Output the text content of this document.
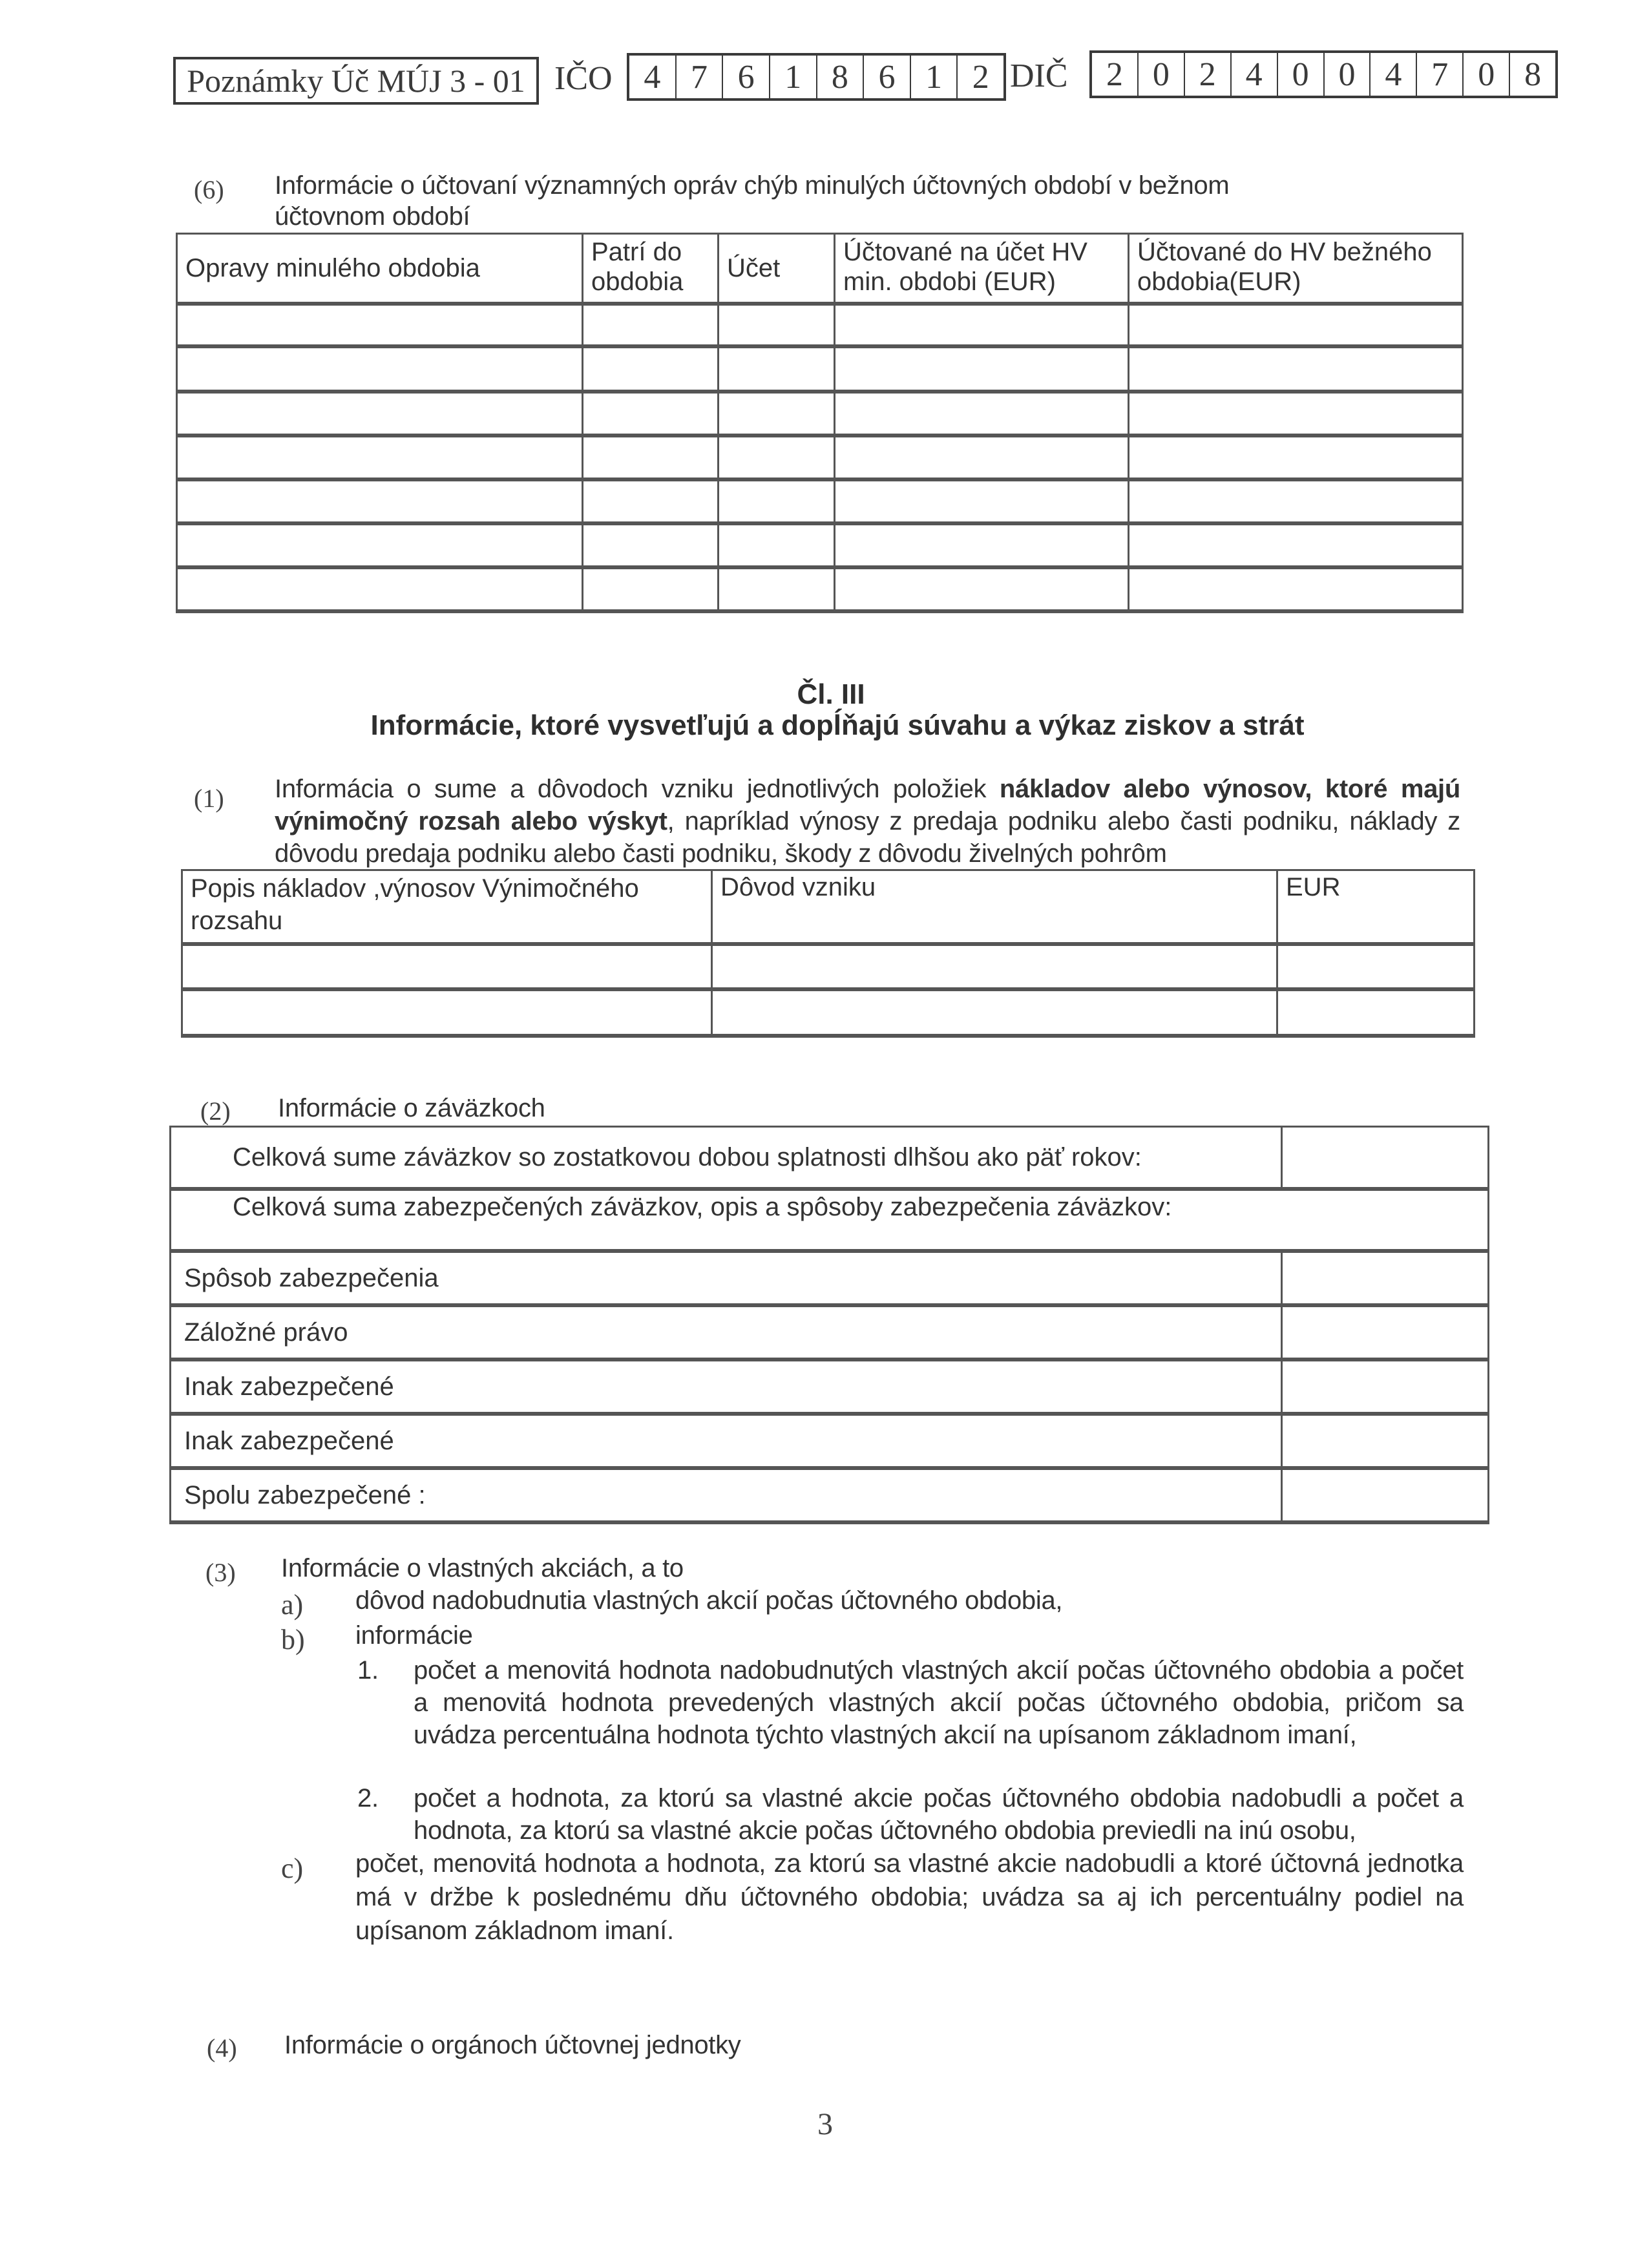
Poznámky Úč MÚJ 3 - 01 IČO 4 7 6 1 8 6 1 2 DIČ	2 0 2 4 0 0 4 7 0 8
(6) Informácie o účtovaní významných opráv chýb minulých účtovných období v bežnom
účtovnom období
Opravy minulého obdobia	Patrí do obdobia	Účet	Účtované na účet HV min. obdobi (EUR)	Účtované do HV bežného obdobia(EUR)

Čl. III
Informácie, ktoré vysvetľujú a dopĺňajú súvahu a výkaz ziskov a strát
(1) Informácia o sume a dôvodoch vzniku jednotlivých položiek nákladov alebo výnosov, ktoré majú výnimočný rozsah alebo výskyt, napríklad výnosy z predaja podniku alebo časti podniku, náklady z dôvodu predaja podniku alebo časti podniku, škody z dôvodu živelných pohrôm
Popis nákladov ,výnosov Výnimočného rozsahu	Dôvod vzniku	EUR

(2) Informácie o záväzkoch
Celková sume záväzkov so zostatkovou dobou splatnosti dlhšou ako päť rokov:	

Celková suma zabezpečených záväzkov, opis a spôsoby zabezpečenia záväzkov:	

Spôsob zabezpečenia	

Záložné právo	

Inak zabezpečené	

Inak zabezpečené	

Spolu zabezpečené :	

(3) Informácie o vlastných akciách, a to
a) dôvod nadobudnutia vlastných akcií počas účtovného obdobia,
b) informácie
1. počet a menovitá hodnota nadobudnutých vlastných akcií počas účtovného obdobia a počet a menovitá hodnota prevedených vlastných akcií počas účtovného obdobia, pričom sa uvádza percentuálna hodnota týchto vlastných akcií na upísanom základnom imaní,
2. počet a hodnota, za ktorú sa vlastné akcie počas účtovného obdobia nadobudli a počet a hodnota, za ktorú sa vlastné akcie počas účtovného obdobia previedli na inú osobu,
c) počet, menovitá hodnota a hodnota, za ktorú sa vlastné akcie nadobudli a ktoré účtovná jednotka má v držbe k poslednému dňu účtovného obdobia; uvádza sa aj ich percentuálny podiel na upísanom základnom imaní.
(4) Informácie o orgánoch účtovnej jednotky
3
